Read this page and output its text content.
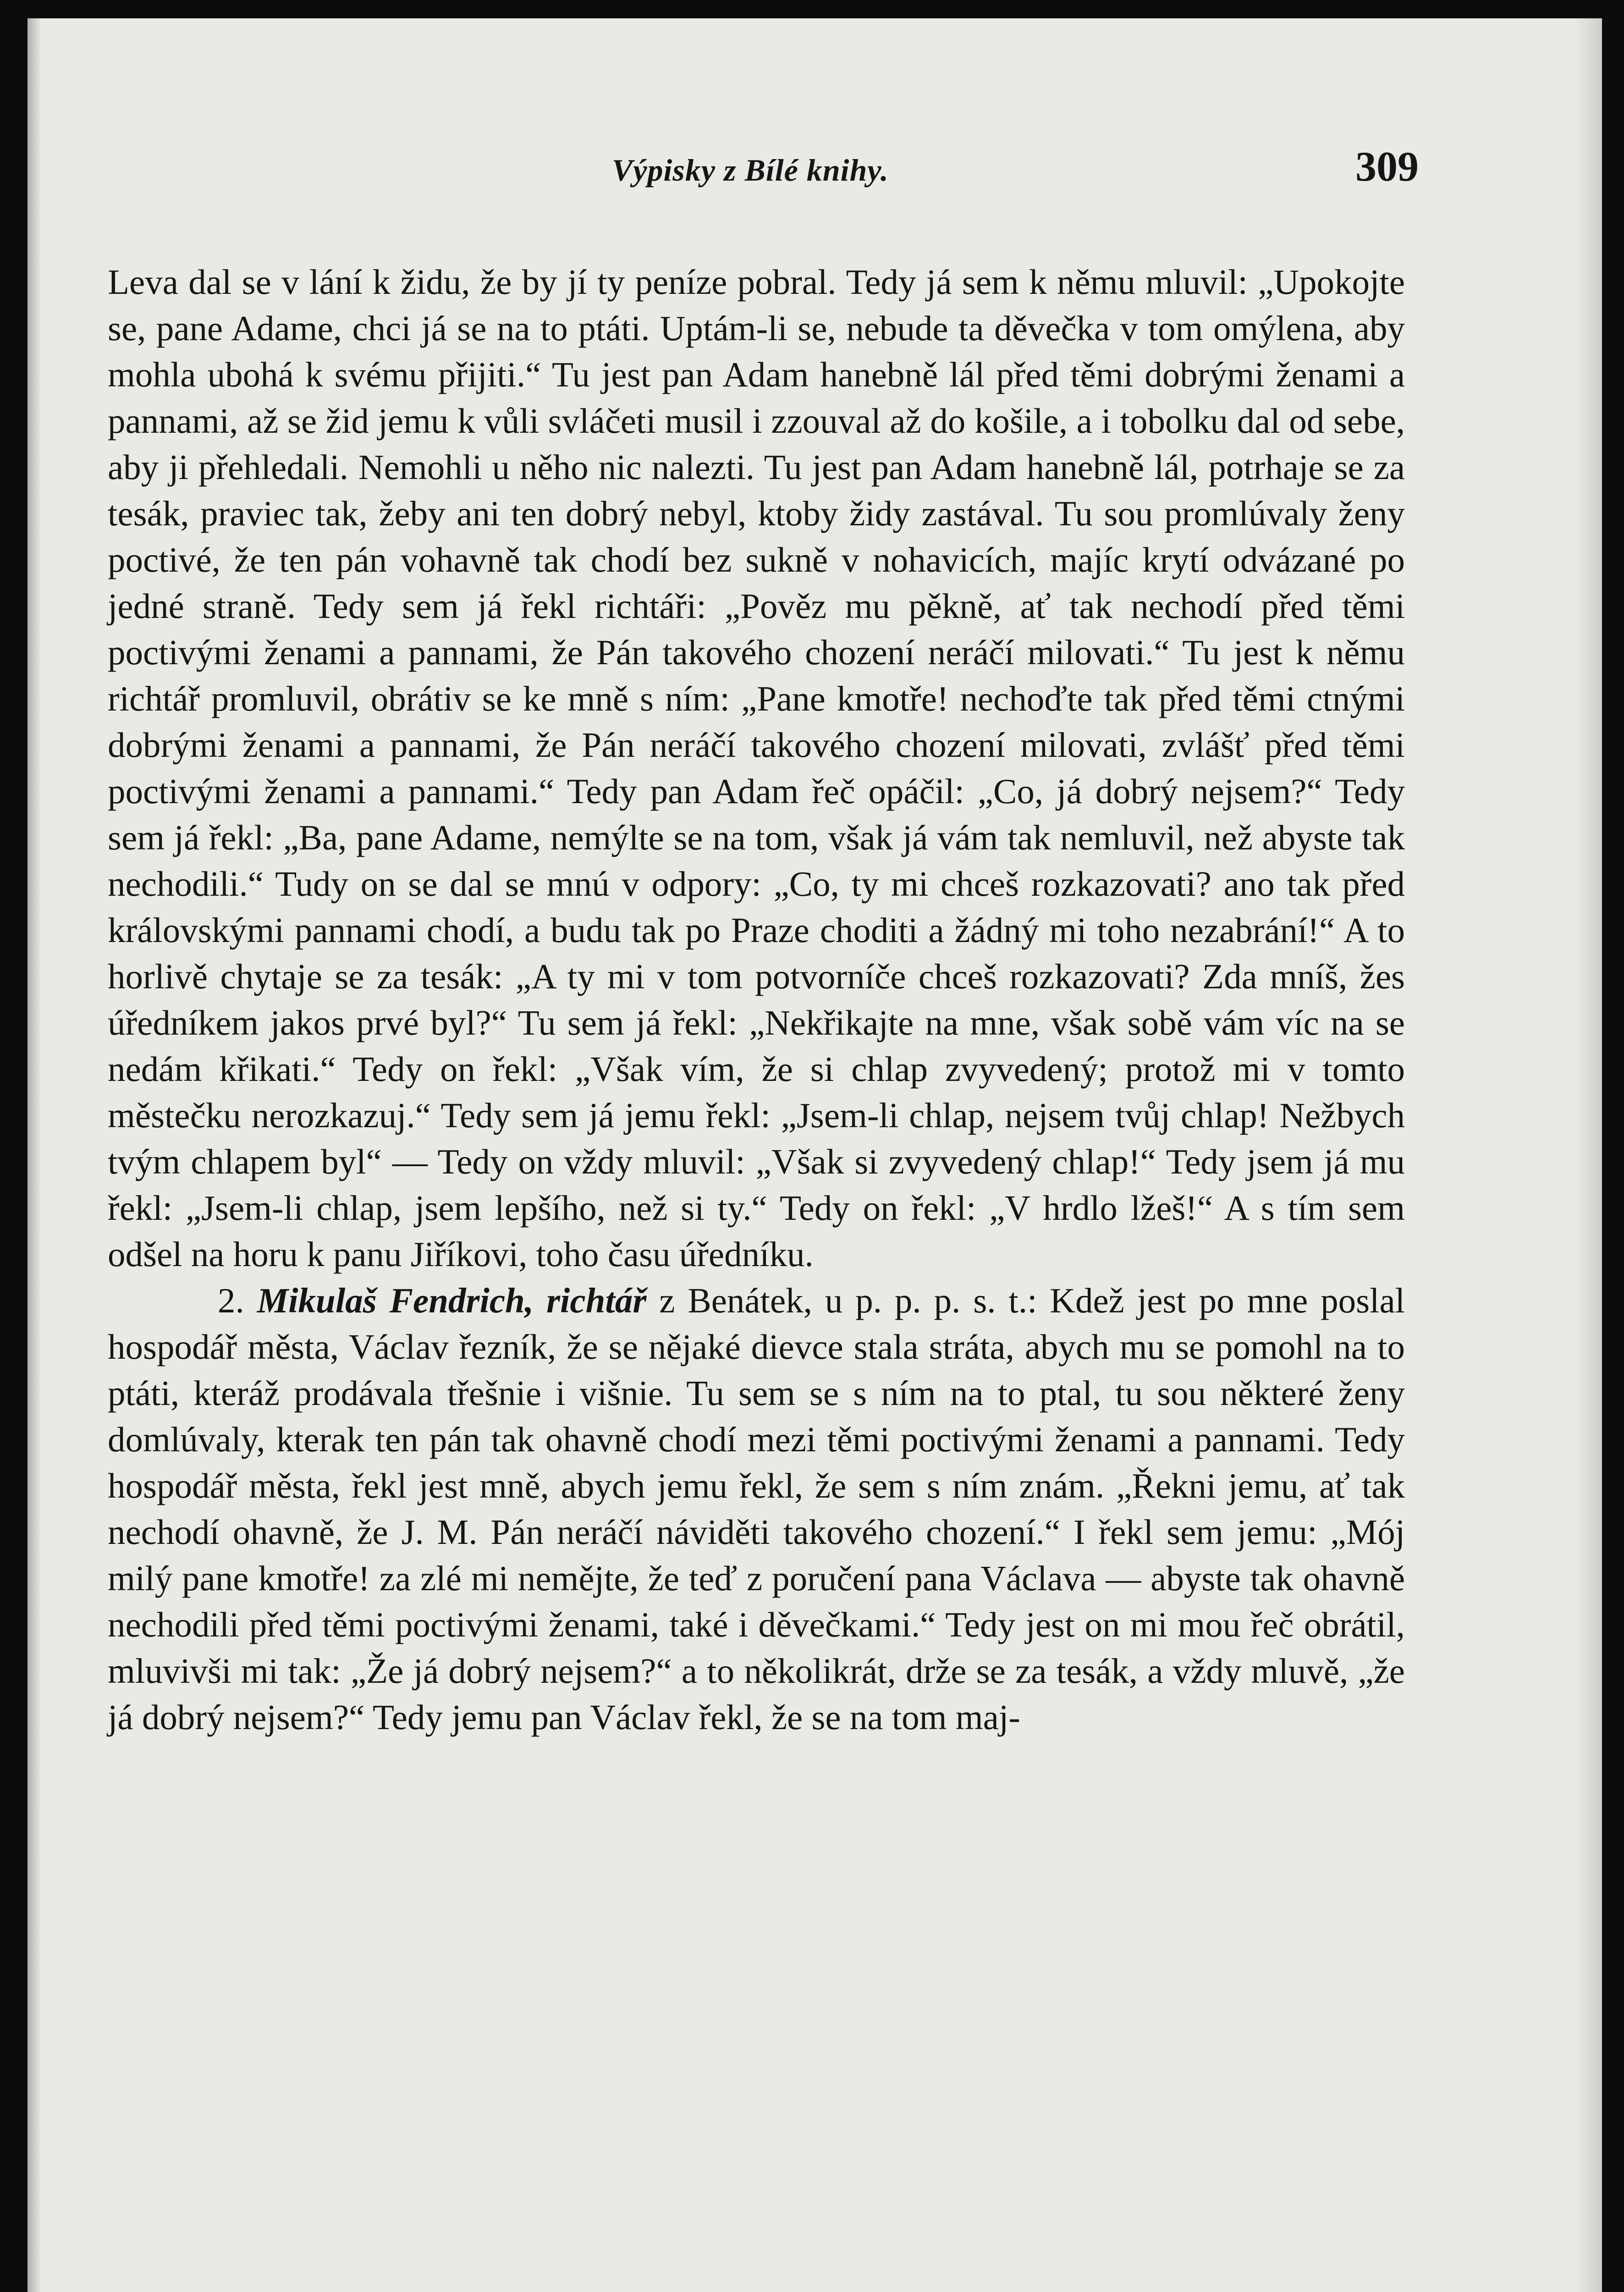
Výpisky z Bílé knihy.	309

Leva dal se v lání k židu, že by jí ty peníze pobral. Tedy já sem k němu mluvil: „Upokojte se, pane Adame, chci já se na to ptáti. Uptám-li se, nebude ta děvečka v tom omýlena, aby mohla ubohá k svému přijiti.“ Tu jest pan Adam hanebně lál před těmi dobrými ženami a pannami, až se žid jemu k vůli svláčeti musil i zzouval až do košile, a i tobolku dal od sebe, aby ji přehledali. Nemohli u něho nic nalezti. Tu jest pan Adam hanebně lál, potrhaje se za tesák, praviec tak, žeby ani ten dobrý nebyl, ktoby židy zastával. Tu sou promlúvaly ženy poctivé, že ten pán vohavně tak chodí bez sukně v nohavicích, majíc krytí odvázané po jedné straně. Tedy sem já řekl richtáři: „Pověz mu pěkně, ať tak nechodí před těmi poctivými ženami a pannami, že Pán takového chození neráčí milovati.“ Tu jest k němu richtář promluvil, obrátiv se ke mně s ním: „Pane kmotře! nechoďte tak před těmi ctnými dobrými ženami a pannami, že Pán neráčí takového chození milovati, zvlášť před těmi poctivými ženami a pannami.“ Tedy pan Adam řeč opáčil: „Co, já dobrý nejsem?“ Tedy sem já řekl: „Ba, pane Adame, nemýlte se na tom, však já vám tak nemluvil, než abyste tak nechodili.“ Tudy on se dal se mnú v odpory: „Co, ty mi chceš rozkazovati? ano tak před královskými pannami chodí, a budu tak po Praze choditi a žádný mi toho nezabrání!“ A to horlivě chytaje se za tesák: „A ty mi v tom potvorníče chceš rozkazovati? Zda mníš, žes úředníkem jakos prvé byl?“ Tu sem já řekl: „Nekřikajte na mne, však sobě vám víc na se nedám křikati.“ Tedy on řekl: „Však vím, že si chlap zvyvedený; protož mi v tomto městečku nerozkazuj.“ Tedy sem já jemu řekl: „Jsem-li chlap, nejsem tvůj chlap! Nežbych tvým chlapem byl“ — Tedy on vždy mluvil: „Však si zvyvedený chlap!“ Tedy jsem já mu řekl: „Jsem-li chlap, jsem lepšího, než si ty.“ Tedy on řekl: „V hrdlo lžeš!“ A s tím sem odšel na horu k panu Jiříkovi, toho času úředníku.

2. Mikulaš Fendrich, richtář z Benátek, u p. p. p. s. t.: Kdež jest po mne poslal hospodář města, Václav řezník, že se nějaké dievce stala stráta, abych mu se pomohl na to ptáti, kteráž prodávala třešnie i višnie. Tu sem se s ním na to ptal, tu sou některé ženy domlúvaly, kterak ten pán tak ohavně chodí mezi těmi poctivými ženami a pannami. Tedy hospodář města, řekl jest mně, abych jemu řekl, že sem s ním znám. „Řekni jemu, ať tak nechodí ohavně, že J. M. Pán neráčí náviděti takového chození.“ I řekl sem jemu: „Mój milý pane kmotře! za zlé mi nemějte, že teď z poručení pana Václava — abyste tak ohavně nechodili před těmi poctivými ženami, také i děvečkami.“ Tedy jest on mi mou řeč obrátil, mluvivši mi tak: „Že já dobrý nejsem?“ a to několikrát, drže se za tesák, a vždy mluvě, „že já dobrý nejsem?“ Tedy jemu pan Václav řekl, že se na tom maj-
